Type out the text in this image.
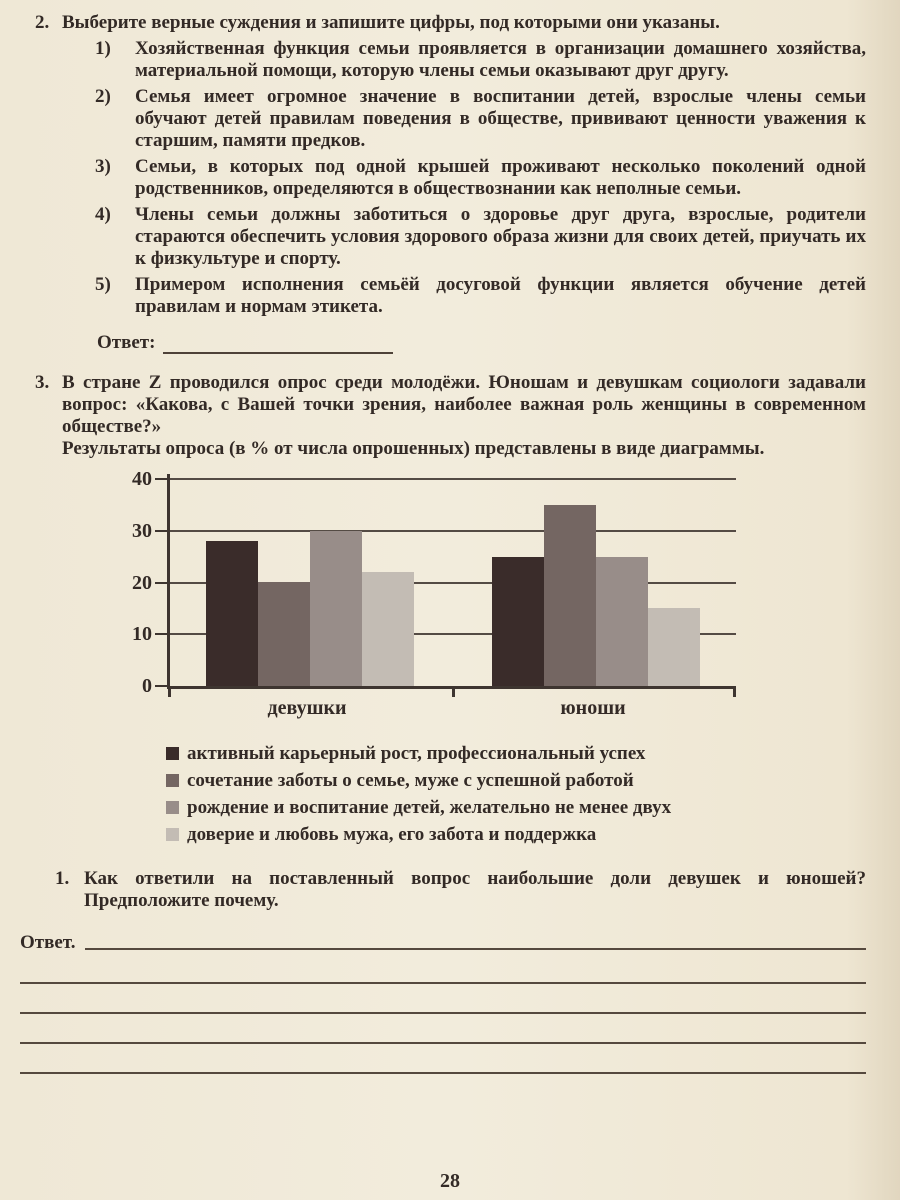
2. Выберите верные суждения и запишите цифры, под которыми они указаны.
1)	Хозяйственная функция семьи проявляется в организации домашнего хозяйства, материальной помощи, которую члены семьи оказывают друг другу.
2)	Семья имеет огромное значение в воспитании детей, взрослые члены семьи обучают детей правилам поведения в обществе, прививают ценности уважения к старшим, памяти предков.
3)	Семьи, в которых под одной крышей проживают несколько поколений одной родственников, определяются в обществознании как неполные семьи.
4)	Члены семьи должны заботиться о здоровье друг друга, взрослые, родители стараются обеспечить условия здорового образа жизни для своих детей, приучать их к физкультуре и спорту.
5)	Примером исполнения семьёй досуговой функции является обучение детей правилам и нормам этикета.
Ответ:
3. В стране Z проводился опрос среди молодёжи. Юношам и девушкам социологи задавали вопрос: «Какова, с Вашей точки зрения, наиболее важная роль женщины в современном обществе?»
Результаты опроса (в % от числа опрошенных) представлены в виде диаграммы.
0
10
20
30
40
девушки	юноши
активный карьерный рост, профессиональный успех
сочетание заботы о семье, муже с успешной работой
рождение и воспитание детей, желательно не менее двух
доверие и любовь мужа, его забота и поддержка
1. Как ответили на поставленный вопрос наибольшие доли девушек и юношей? Предположите почему.
Ответ.
28
